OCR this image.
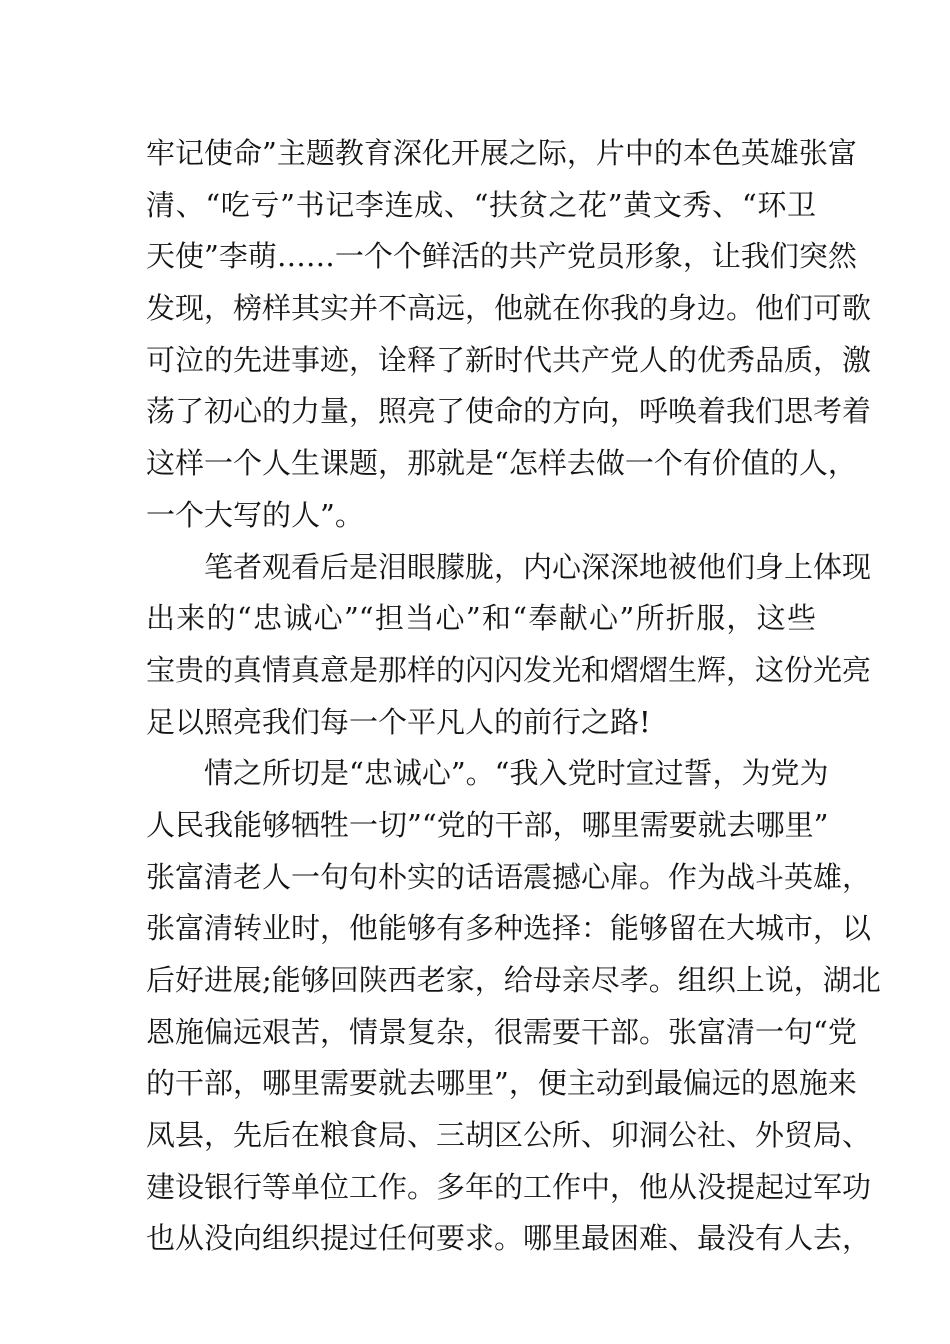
牢记使命”主题教育深化开展之际，片中的本色英雄张富
清、“吃亏”书记李连成、“扶贫之花”黄文秀、“环卫
天使”李萌……一个个鲜活的共产党员形象，让我们突然
发现，榜样其实并不高远，他就在你我的身边。他们可歌
可泣的先进事迹，诠释了新时代共产党人的优秀品质，激
荡了初心的力量，照亮了使命的方向，呼唤着我们思考着
这样一个人生课题，那就是“怎样去做一个有价值的人，
一个大写的人”。
笔者观看后是泪眼朦胧，内心深深地被他们身上体现
出来的“忠诚心”“担当心”和“奉献心”所折服，这些
宝贵的真情真意是那样的闪闪发光和熠熠生辉，这份光亮
足以照亮我们每一个平凡人的前行之路!
情之所切是“忠诚心”。“我入党时宣过誓，为党为
人民我能够牺牲一切”“党的干部，哪里需要就去哪里”
张富清老人一句句朴实的话语震撼心扉。作为战斗英雄，
张富清转业时，他能够有多种选择：能够留在大城市，以
后好进展;能够回陕西老家，给母亲尽孝。组织上说，湖北
恩施偏远艰苦，情景复杂，很需要干部。张富清一句“党
的干部，哪里需要就去哪里”，便主动到最偏远的恩施来
凤县，先后在粮食局、三胡区公所、卯洞公社、外贸局、
建设银行等单位工作。多年的工作中，他从没提起过军功
也从没向组织提过任何要求。哪里最困难、最没有人去，
